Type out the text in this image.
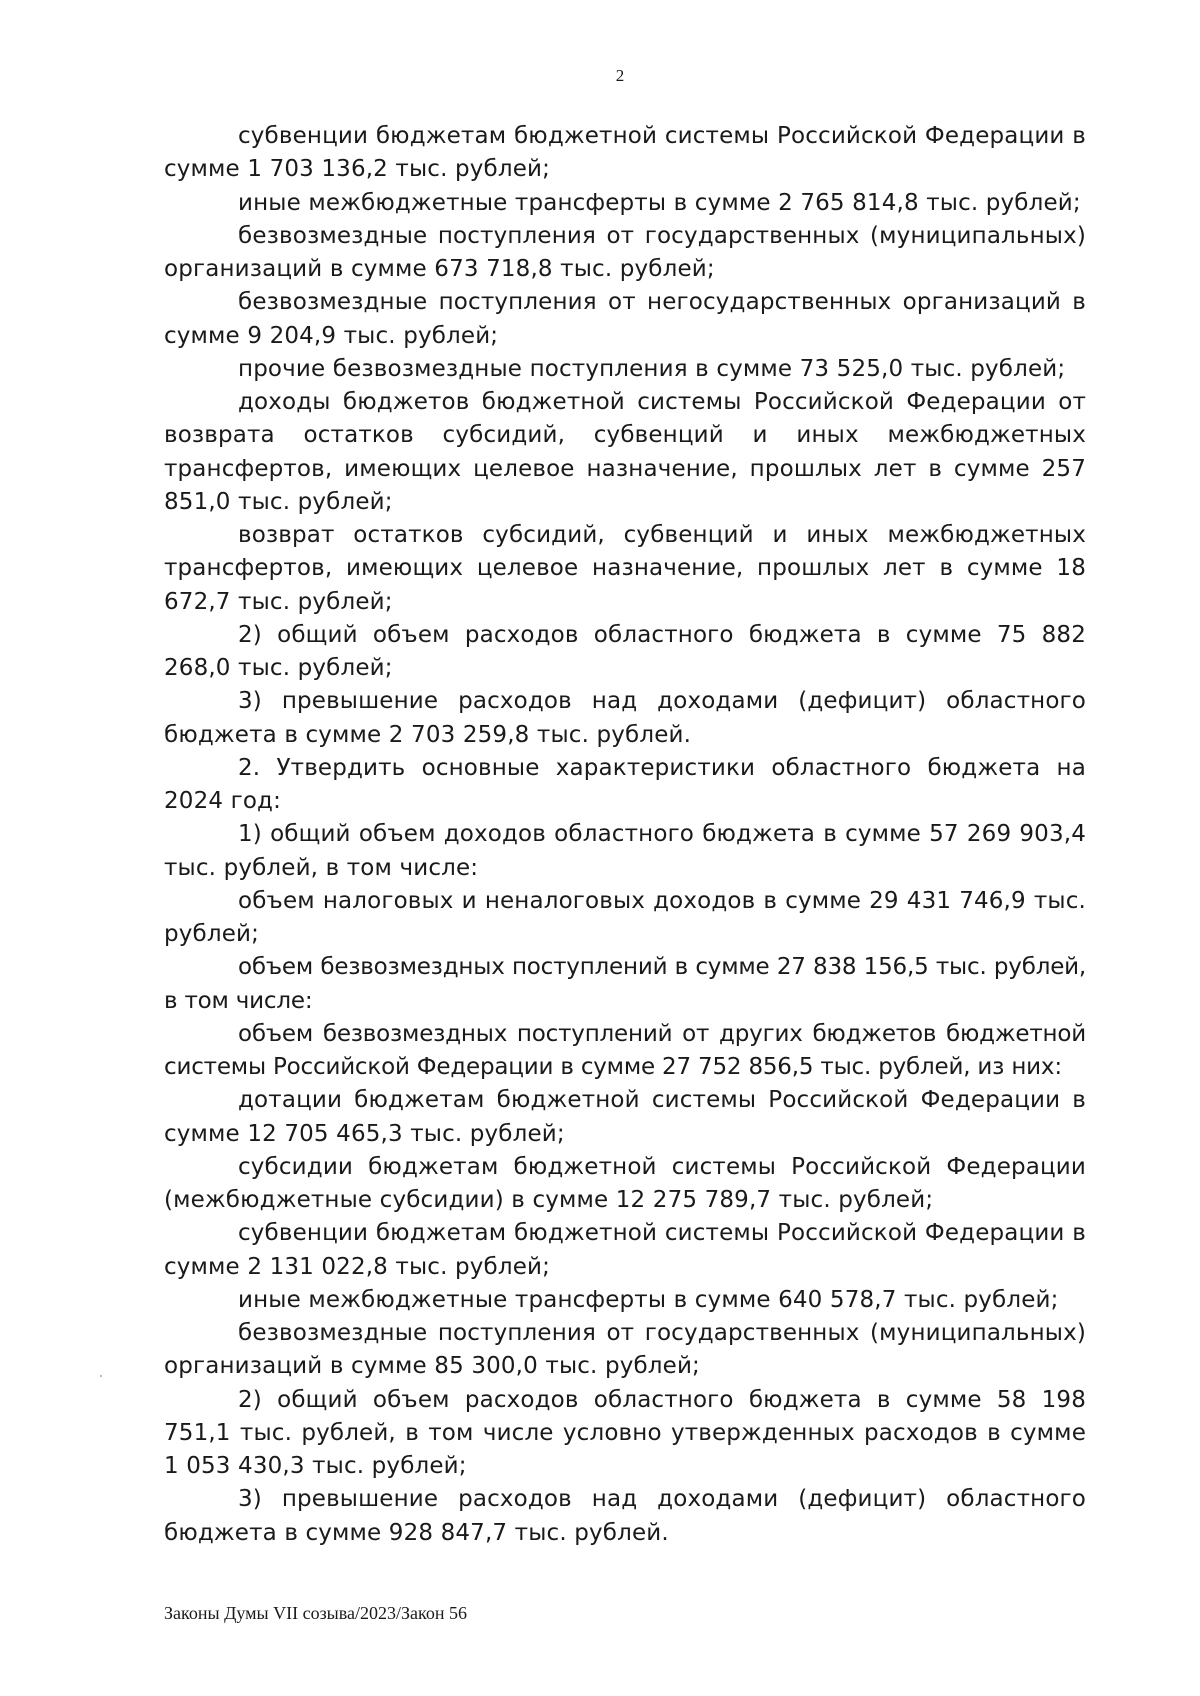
2

субвенции бюджетам бюджетной системы Российской Федерации в сумме 1 703 136,2 тыс. рублей;

иные межбюджетные трансферты в сумме 2 765 814,8 тыс. рублей;

безвозмездные поступления от государственных (муниципальных) организаций в сумме 673 718,8 тыс. рублей;

безвозмездные поступления от негосударственных организаций в сумме 9 204,9 тыс. рублей;

прочие безвозмездные поступления в сумме 73 525,0 тыс. рублей;

доходы бюджетов бюджетной системы Российской Федерации от возврата остатков субсидий, субвенций и иных межбюджетных трансфертов, имеющих целевое назначение, прошлых лет в сумме 257 851,0 тыс. рублей;

возврат остатков субсидий, субвенций и иных межбюджетных трансфертов, имеющих целевое назначение, прошлых лет в сумме 18 672,7 тыс. рублей;

2) общий объем расходов областного бюджета в сумме 75 882 268,0 тыс. рублей;

3) превышение расходов над доходами (дефицит) областного бюджета в сумме 2 703 259,8 тыс. рублей.

2. Утвердить основные характеристики областного бюджета на 2024 год:

1) общий объем доходов областного бюджета в сумме 57 269 903,4 тыс. рублей, в том числе:

объем налоговых и неналоговых доходов в сумме 29 431 746,9 тыс. рублей;

объем безвозмездных поступлений в сумме 27 838 156,5 тыс. рублей, в том числе:

объем безвозмездных поступлений от других бюджетов бюджетной системы Российской Федерации в сумме 27 752 856,5 тыс. рублей, из них:

дотации бюджетам бюджетной системы Российской Федерации в сумме 12 705 465,3 тыс. рублей;

субсидии бюджетам бюджетной системы Российской Федерации (межбюджетные субсидии) в сумме 12 275 789,7 тыс. рублей;

субвенции бюджетам бюджетной системы Российской Федерации в сумме 2 131 022,8 тыс. рублей;

иные межбюджетные трансферты в сумме 640 578,7 тыс. рублей;

безвозмездные поступления от государственных (муниципальных) организаций в сумме 85 300,0 тыс. рублей;

2) общий объем расходов областного бюджета в сумме 58 198 751,1 тыс. рублей, в том числе условно утвержденных расходов в сумме 1 053 430,3 тыс. рублей;

3) превышение расходов над доходами (дефицит) областного бюджета в сумме 928 847,7 тыс. рублей.

Законы Думы VII созыва/2023/Закон 56
